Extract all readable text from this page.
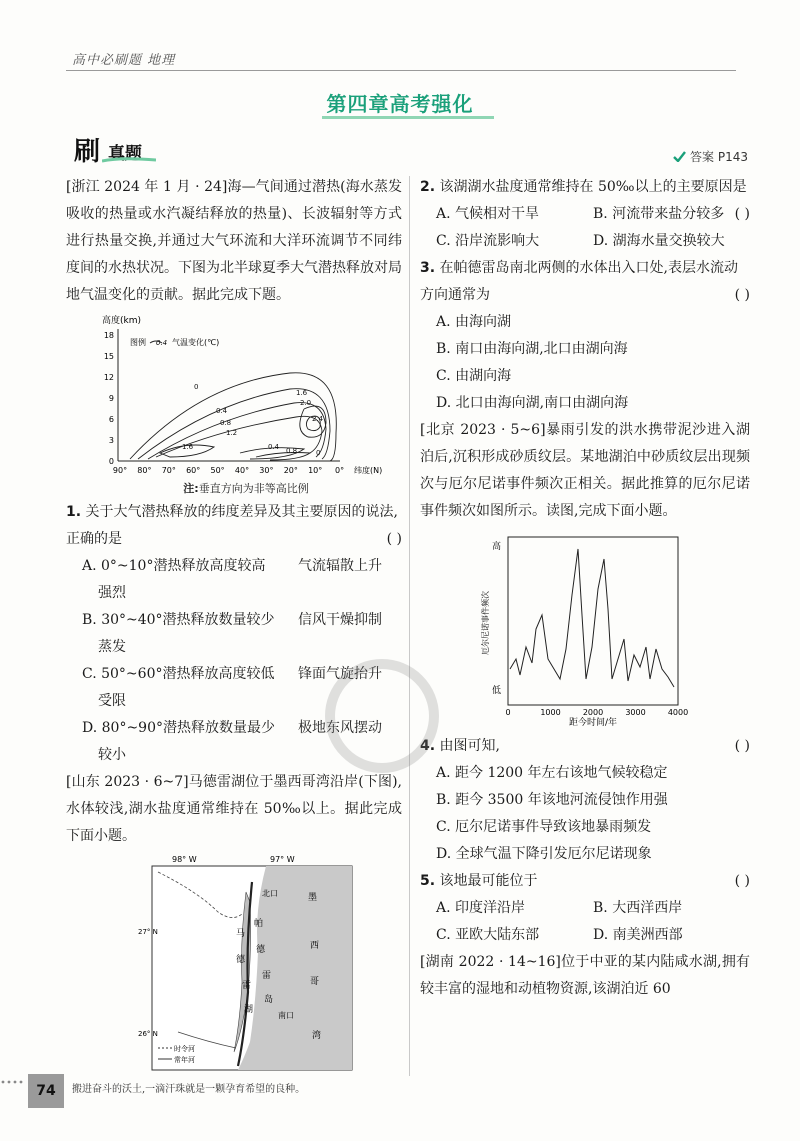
高中必刷题 地理
第四章高考强化
刷 真题	答案 P143

[浙江 2024 年 1 月 · 24]海—气间通过潜热(海水蒸发吸收的热量或水汽凝结释放的热量)、长波辐射等方式进行热量交换,并通过大气环流和大洋环流调节不同纬度间的水热状况。下图为北半球夏季大气潜热释放对局地气温变化的贡献。据此完成下题。

高度(km)
18
15
12
9
6
3
0
90° 80° 70° 60° 50° 40° 30° 20° 10° 0° 纬度(N)
图例 0.4 气温变化(℃)
0
0.4
0.8
1.2
1.6
2.0
2.4
0.8
0.4
0
1.6
注:垂直方向为非等高比例

1. 关于大气潜热释放的纬度差异及其主要原因的说法,正确的是	( )
A. 0°~10°潜热释放高度较高	气流辐散上升
强烈
B. 30°~40°潜热释放数量较少	信风干燥抑制
蒸发
C. 50°~60°潜热释放高度较低	锋面气旋抬升
受限
D. 80°~90°潜热释放数量最少	极地东风摆动
较小

[山东 2023 · 6~7]马德雷湖位于墨西哥湾沿岸(下图),水体较浅,湖水盐度通常维持在 50‰以上。据此完成下面小题。

98° W	97° W
27° N
26° N
北口
南口
帕
德
雷
岛
马
德
雷
湖
墨
西
哥
湾
时令河
常年河

2. 该湖湖水盐度通常维持在 50‰以上的主要原因是

( )
A. 气候相对干旱	B. 河流带来盐分较多
C. 沿岸流影响大	D. 湖海水量交换较大

3. 在帕德雷岛南北两侧的水体出入口处,表层水流动方向通常为	( )
A. 由海向湖
B. 南口由海向湖,北口由湖向海
C. 由湖向海
D. 北口由海向湖,南口由湖向海

[北京 2023 · 5~6]暴雨引发的洪水携带泥沙进入湖泊后,沉积形成砂质纹层。某地湖泊中砂质纹层出现频次与厄尔尼诺事件频次正相关。据此推算的厄尔尼诺事件频次如图所示。读图,完成下面小题。

高
低
厄尔尼诺事件频次
0	1000	2000	3000	4000
距今时间/年

4. 由图可知,	( )
A. 距今 1200 年左右该地气候较稳定
B. 距今 3500 年该地河流侵蚀作用强
C. 厄尔尼诺事件导致该地暴雨频发
D. 全球气温下降引发厄尔尼诺现象

5. 该地最可能位于	( )
A. 印度洋沿岸	B. 大西洋西岸
C. 亚欧大陆东部	D. 南美洲西部

[湖南 2022 · 14~16]位于中亚的某内陆咸水湖,拥有较丰富的湿地和动植物资源,该湖泊近 60

74	搬进奋斗的沃土,一滴汗珠就是一颗孕育希望的良种。
